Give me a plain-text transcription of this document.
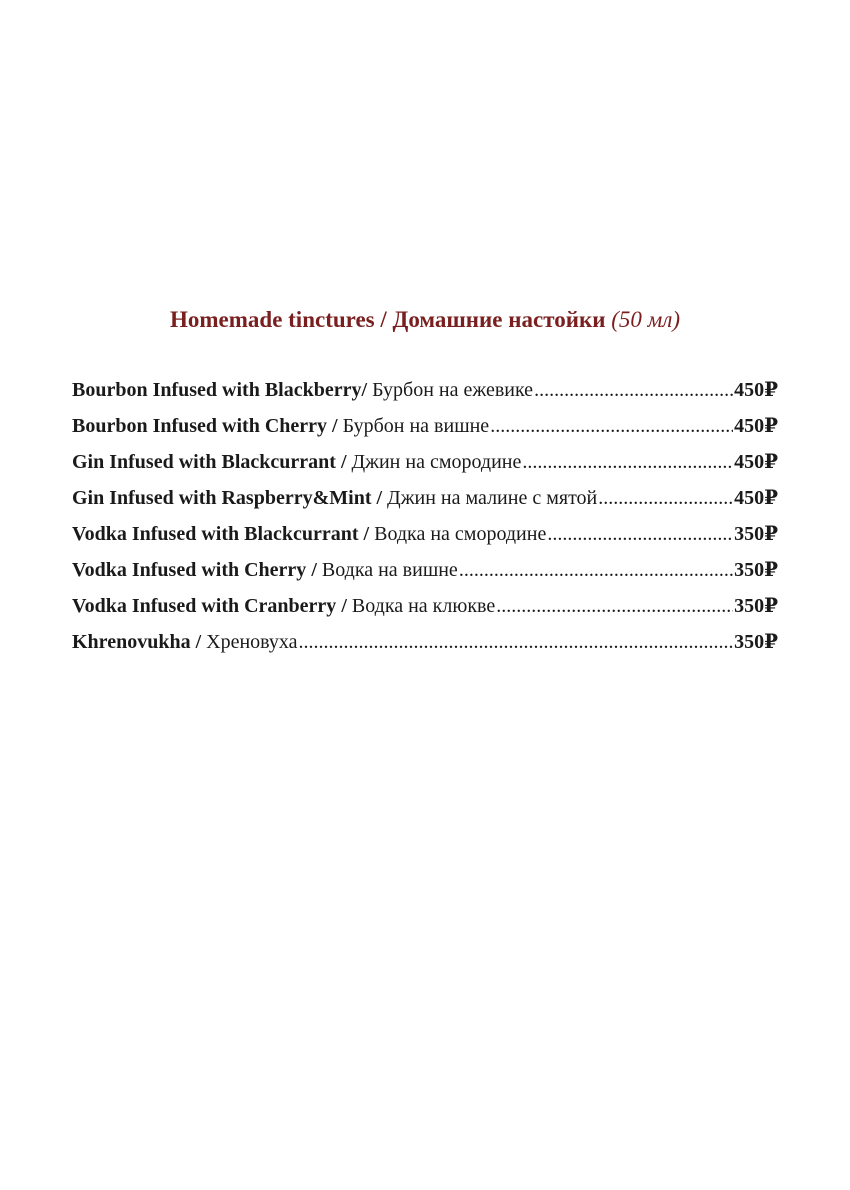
Homemade tinctures / Домашние настойки (50 мл)
Bourbon Infused with Blackberry / Бурбон на ежевике .....	450₽
Bourbon Infused with Cherry / Бурбон на вишне .....	450₽
Gin Infused with Blackcurrant / Джин на смородине .....	450₽
Gin Infused with Raspberry&Mint / Джин на малине с мятой .....	450₽
Vodka Infused with Blackcurrant / Водка на смородине .....	350₽
Vodka Infused with Cherry / Водка на вишне .....	350₽
Vodka Infused with Cranberry / Водка на клюкве .....	350₽
Khrenovukha / Хреновуха .....	350₽
